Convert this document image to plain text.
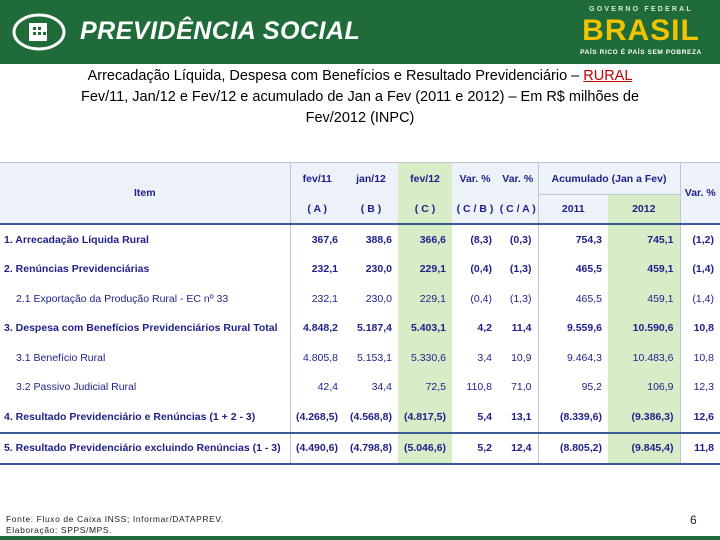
PREVIDÊNCIA SOCIAL
GOVERNO FEDERAL
BRASIL
PAÍS RICO É PAÍS SEM POBREZA
Arrecadação Líquida, Despesa com Benefícios e Resultado Previdenciário – RURAL
Fev/11, Jan/12 e Fev/12 e acumulado de Jan a Fev (2011 e 2012) – Em R$ milhões de
Fev/2012 (INPC)
Item	fev/11	jan/12	fev/12	Var. %	Var. %	Acumulado (Jan a Fev)		Var. %
	( A )	( B )	( C )	( C / B )	( C / A )	2011	2012	
1. Arrecadação Líquida Rural	367,6	388,6	366,6	(8,3)	(0,3)	754,3	745,1	(1,2)
2. Renúncias Previdenciárias	232,1	230,0	229,1	(0,4)	(1,3)	465,5	459,1	(1,4)
2.1 Exportação da Produção Rural - EC nº 33	232,1	230,0	229,1	(0,4)	(1,3)	465,5	459,1	(1,4)
3. Despesa com Benefícios Previdenciários Rural Total	4.848,2	5.187,4	5.403,1	4,2	11,4	9.559,6	10.590,6	10,8
3.1 Benefício Rural	4.805,8	5.153,1	5.330,6	3,4	10,9	9.464,3	10.483,6	10,8
3.2 Passivo Judicial Rural	42,4	34,4	72,5	110,8	71,0	95,2	106,9	12,3
4. Resultado Previdenciário e Renúncias (1 + 2 - 3)	(4.268,5)	(4.568,8)	(4.817,5)	5,4	13,1	(8.339,6)	(9.386,3)	12,6
5. Resultado Previdenciário excluindo Renúncias (1 - 3)	(4.490,6)	(4.798,8)	(5.046,6)	5,2	12,4	(8.805,2)	(9.845,4)	11,8
Fonte: Fluxo de Caixa INSS; Informar/DATAPREV.
Elaboração: SPPS/MPS.
6
